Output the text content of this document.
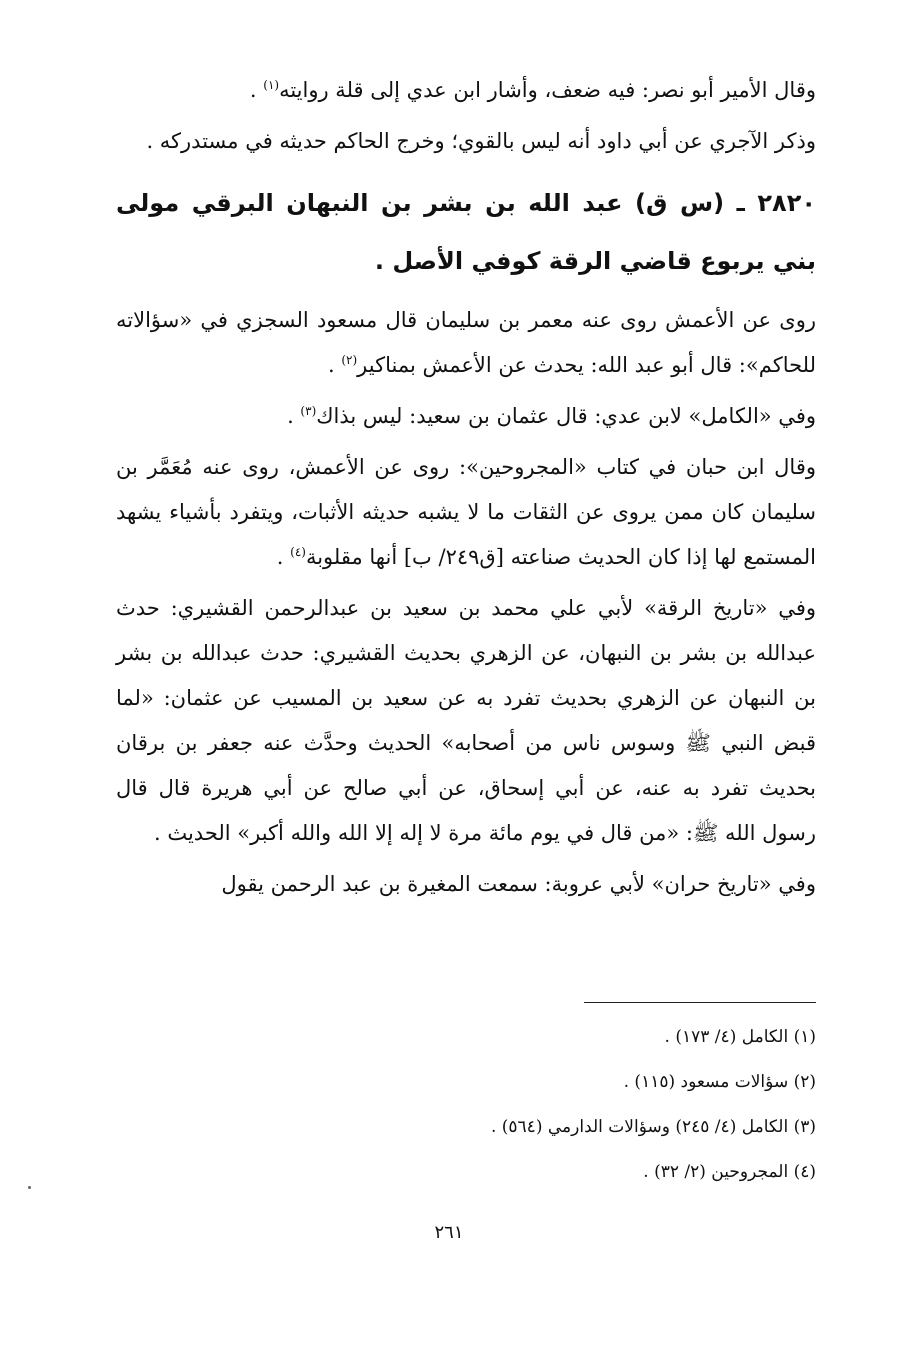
وقال الأمير أبو نصر: فيه ضعف، وأشار ابن عدي إلى قلة روايته$^{(١)}$ .

وذكر الآجري عن أبي داود أنه ليس بالقوي؛ وخرج الحاكم حديثه في مستدركه .

٢٨٢٠ ـ (س ق) عبد الله بن بشر بن النبهان البرقي مولى بني يربوع قاضي الرقة كوفي الأصل .

روى عن الأعمش روى عنه معمر بن سليمان قال مسعود السجزي في «سؤالاته للحاكم»: قال أبو عبد الله: يحدث عن الأعمش بمناكير$^{(٢)}$ .

وفي «الكامل» لابن عدي: قال عثمان بن سعيد: ليس بذاك$^{(٣)}$ .

وقال ابن حبان في كتاب «المجروحين»: روى عن الأعمش، روى عنه مُعَمَّر بن سليمان كان ممن يروى عن الثقات ما لا يشبه حديثه الأثبات، ويتفرد بأشياء يشهد المستمع لها إذا كان الحديث صناعته [ق٢٤٩/ ب] أنها مقلوبة$^{(٤)}$ .

وفي «تاريخ الرقة» لأبي علي محمد بن سعيد بن عبدالرحمن القشيري: حدث عبدالله بن بشر بن النبهان، عن الزهري بحديث القشيري: حدث عبدالله بن بشر بن النبهان عن الزهري بحديث تفرد به عن سعيد بن المسيب عن عثمان: «لما قبض النبي ﷺ وسوس ناس من أصحابه» الحديث وحدَّث عنه جعفر بن برقان بحديث تفرد به عنه، عن أبي إسحاق، عن أبي صالح عن أبي هريرة قال قال رسول الله ﷺ: «من قال في يوم مائة مرة لا إله إلا الله والله أكبر» الحديث .

وفي «تاريخ حران» لأبي عروبة: سمعت المغيرة بن عبد الرحمن يقول

(١) الكامل (٤/ ١٧٣) .

(٢) سؤالات مسعود (١١٥) .

(٣) الكامل (٤/ ٢٤٥) وسؤالات الدارمي (٥٦٤) .

(٤) المجروحين (٢/ ٣٢) .

٢٦١
